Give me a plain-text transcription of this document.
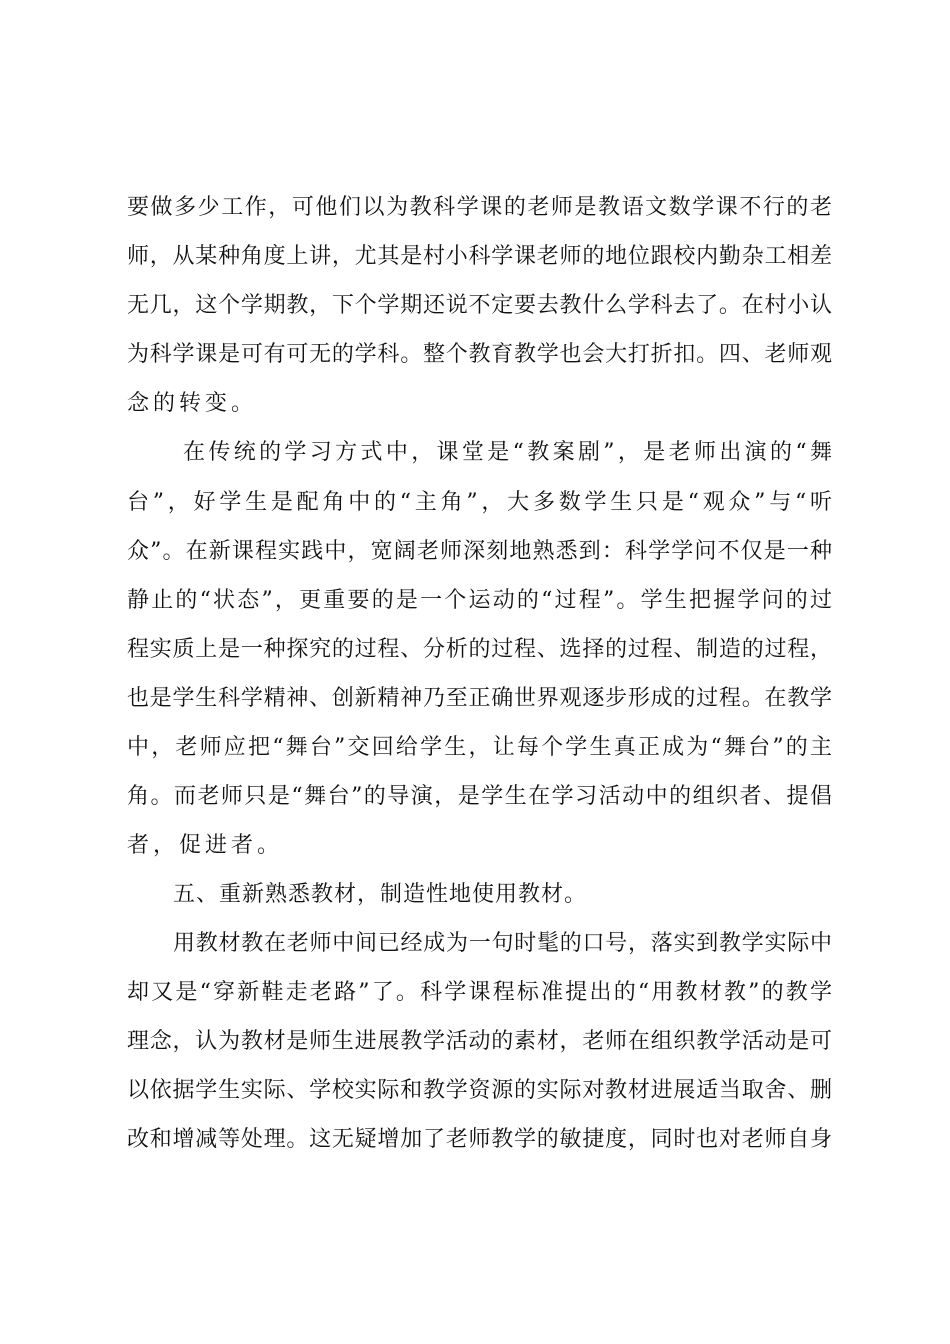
要做多少工作，可他们以为教科学课的老师是教语文数学课不行的老
师，从某种角度上讲，尤其是村小科学课老师的地位跟校内勤杂工相差
无几，这个学期教，下个学期还说不定要去教什么学科去了。在村小认
为科学课是可有可无的学科。整个教育教学也会大打折扣。四、老师观
念的转变。
在传统的学习方式中，课堂是“教案剧”，是老师出演的“舞
台”，好学生是配角中的“主角”，大多数学生只是“观众”与“听
众”。在新课程实践中，宽阔老师深刻地熟悉到：科学学问不仅是一种
静止的“状态”，更重要的是一个运动的“过程”。学生把握学问的过
程实质上是一种探究的过程、分析的过程、选择的过程、制造的过程，
也是学生科学精神、创新精神乃至正确世界观逐步形成的过程。在教学
中，老师应把“舞台”交回给学生，让每个学生真正成为“舞台”的主
角。而老师只是“舞台”的导演，是学生在学习活动中的组织者、提倡
者，促进者。
五、重新熟悉教材，制造性地使用教材。
用教材教在老师中间已经成为一句时髦的口号，落实到教学实际中
却又是“穿新鞋走老路”了。科学课程标准提出的“用教材教”的教学
理念，认为教材是师生进展教学活动的素材，老师在组织教学活动是可
以依据学生实际、学校实际和教学资源的实际对教材进展适当取舍、删
改和增减等处理。这无疑增加了老师教学的敏捷度，同时也对老师自身
